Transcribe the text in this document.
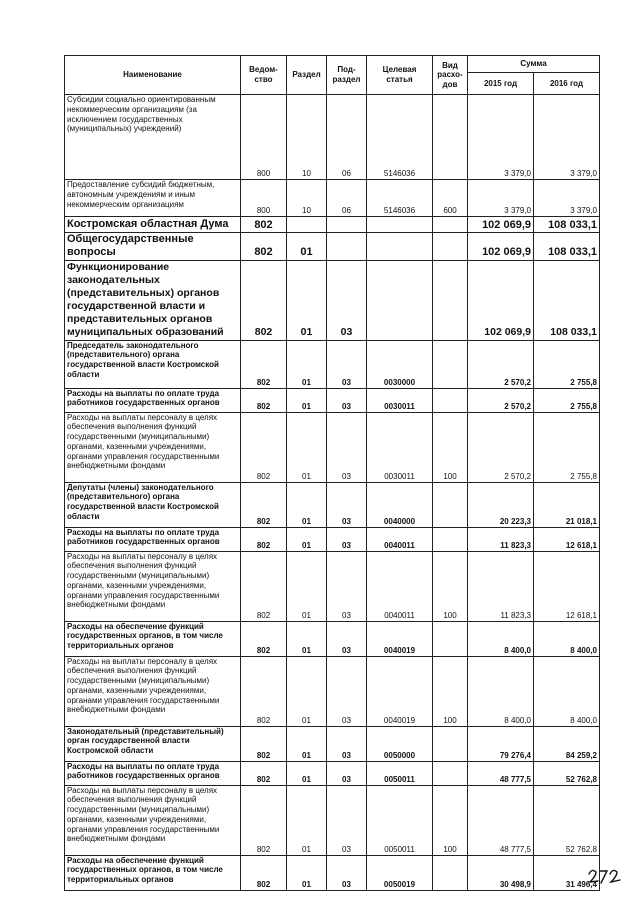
Наименование	Ведом-
ство	Раздел	Под-
раздел	Целевая
статья	Вид
расхо-
дов	Сумма	
						2015 год	2016 год
Субсидии социально ориентированным некоммерческим организациям (за исключением государственных (муниципальных) учреждений)	800	10	06	5146036		3 379,0	3 379,0
Предоставление субсидий бюджетным, автономным учреждениям и иным некоммерческим организациям	800	10	06	5146036	600	3 379,0	3 379,0
Костромская областная Дума	802					102 069,9	108 033,1
Общегосударственные вопросы	802	01				102 069,9	108 033,1
Функционирование законодательных (представительных) органов государственной власти и представительных органов муниципальных образований	802	01	03			102 069,9	108 033,1
Председатель законодательного (представительного) органа государственной власти Костромской области	802	01	03	0030000		2 570,2	2 755,8
Расходы на выплаты по оплате труда работников государственных органов	802	01	03	0030011		2 570,2	2 755,8
Расходы на выплаты персоналу в целях обеспечения выполнения функций государственными (муниципальными) органами, казенными учреждениями, органами управления государственными внебюджетными фондами	802	01	03	0030011	100	2 570,2	2 755,8
Депутаты (члены) законодательного (представительного) органа государственной власти Костромской области	802	01	03	0040000		20 223,3	21 018,1
Расходы на выплаты по оплате труда работников государственных органов	802	01	03	0040011		11 823,3	12 618,1
Расходы на выплаты персоналу в целях обеспечения выполнения функций государственными (муниципальными) органами, казенными учреждениями, органами управления государственными внебюджетными фондами	802	01	03	0040011	100	11 823,3	12 618,1
Расходы на обеспечение функций государственных органов, в том числе территориальных органов	802	01	03	0040019		8 400,0	8 400,0
Расходы на выплаты персоналу в целях обеспечения выполнения функций государственными (муниципальными) органами, казенными учреждениями, органами управления государственными внебюджетными фондами	802	01	03	0040019	100	8 400,0	8 400,0
Законодательный (представительный) орган государственной власти Костромской области	802	01	03	0050000		79 276,4	84 259,2
Расходы на выплаты по оплате труда работников государственных органов	802	01	03	0050011		48 777,5	52 762,8
Расходы на выплаты персоналу в целях обеспечения выполнения функций государственными (муниципальными) органами, казенными учреждениями, органами управления государственными внебюджетными фондами	802	01	03	0050011	100	48 777,5	52 762,8
Расходы на обеспечение функций государственных органов, в том числе территориальных органов	802	01	03	0050019		30 498,9	31 496,4
